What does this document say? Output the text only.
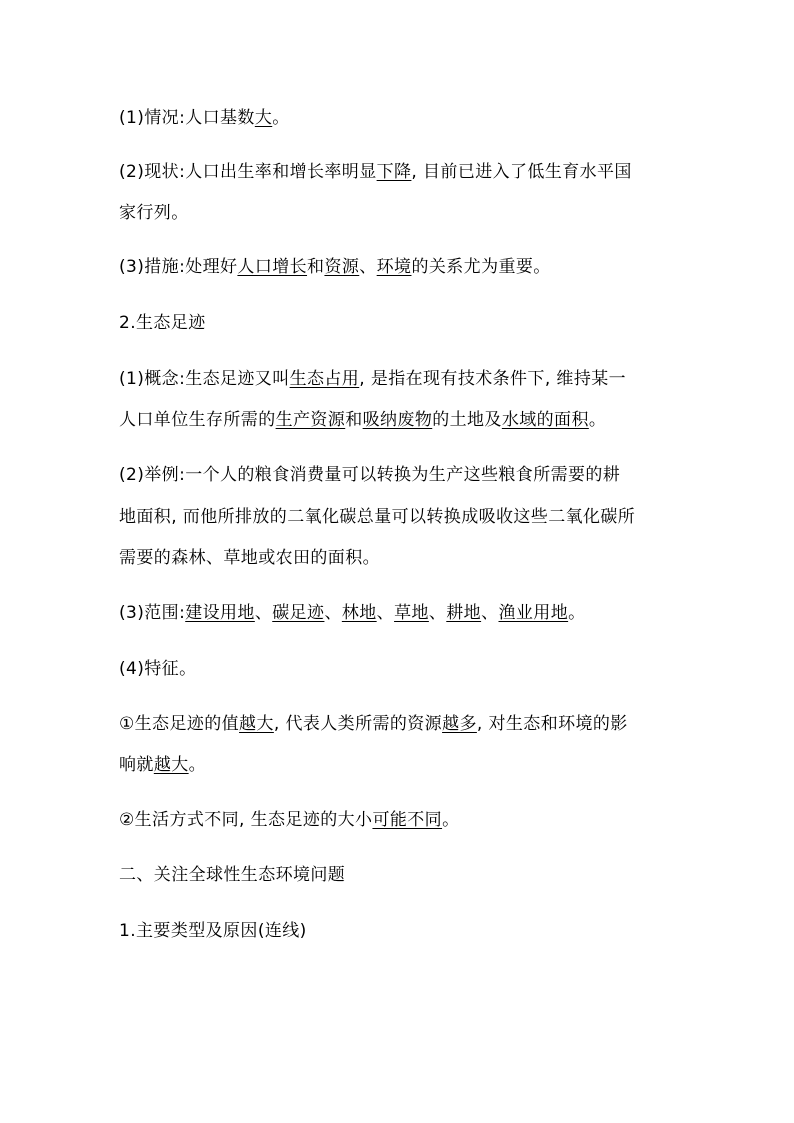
(1)情况:人口基数大。
(2)现状:人口出生率和增长率明显下降, 目前已进入了低生育水平国
家行列。
(3)措施:处理好人口增长和资源、环境的关系尤为重要。
2.生态足迹
(1)概念:生态足迹又叫生态占用, 是指在现有技术条件下, 维持某一
人口单位生存所需的生产资源和吸纳废物的土地及水域的面积。
(2)举例:一个人的粮食消费量可以转换为生产这些粮食所需要的耕
地面积, 而他所排放的二氧化碳总量可以转换成吸收这些二氧化碳所
需要的森林、草地或农田的面积。
(3)范围:建设用地、碳足迹、林地、草地、耕地、渔业用地。
(4)特征。
①生态足迹的值越大, 代表人类所需的资源越多, 对生态和环境的影
响就越大。
②生活方式不同, 生态足迹的大小可能不同。
二、关注全球性生态环境问题
1.主要类型及原因(连线)
